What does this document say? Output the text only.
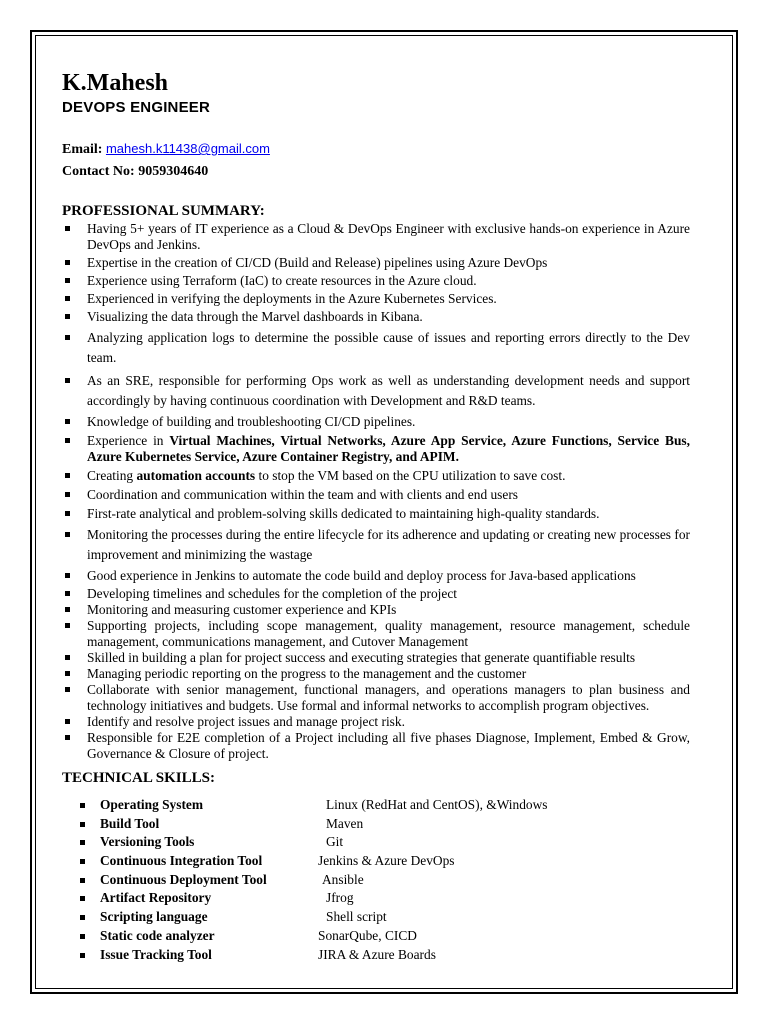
K.Mahesh
DEVOPS ENGINEER
Email: mahesh.k11438@gmail.com
Contact No: 9059304640
PROFESSIONAL SUMMARY:
Having 5+ years of IT experience as a Cloud & DevOps Engineer with exclusive hands-on experience in Azure DevOps and Jenkins.
Expertise in the creation of CI/CD (Build and Release) pipelines using Azure DevOps
Experience using Terraform (IaC) to create resources in the Azure cloud.
Experienced in verifying the deployments in the Azure Kubernetes Services.
Visualizing the data through the Marvel dashboards in Kibana.
Analyzing application logs to determine the possible cause of issues and reporting errors directly to the Dev team.
As an SRE, responsible for performing Ops work as well as understanding development needs and support accordingly by having continuous coordination with Development and R&D teams.
Knowledge of building and troubleshooting CI/CD pipelines.
Experience in Virtual Machines, Virtual Networks, Azure App Service, Azure Functions, Service Bus, Azure Kubernetes Service, Azure Container Registry, and APIM.
Creating automation accounts to stop the VM based on the CPU utilization to save cost.
Coordination and communication within the team and with clients and end users
First-rate analytical and problem-solving skills dedicated to maintaining high-quality standards.
Monitoring the processes during the entire lifecycle for its adherence and updating or creating new processes for improvement and minimizing the wastage
Good experience in Jenkins to automate the code build and deploy process for Java-based applications
Developing timelines and schedules for the completion of the project
Monitoring and measuring customer experience and KPIs
Supporting projects, including scope management, quality management, resource management, schedule management, communications management, and Cutover Management
Skilled in building a plan for project success and executing strategies that generate quantifiable results
Managing periodic reporting on the progress to the management and the customer
Collaborate with senior management, functional managers, and operations managers to plan business and technology initiatives and budgets. Use formal and informal networks to accomplish program objectives.
Identify and resolve project issues and manage project risk.
Responsible for E2E completion of a Project including all five phases Diagnose, Implement, Embed & Grow, Governance & Closure of project.
TECHNICAL SKILLS:
Operating System	Linux (RedHat and CentOS), &Windows
Build Tool	Maven
Versioning Tools	Git
Continuous Integration Tool	Jenkins & Azure DevOps
Continuous Deployment Tool	Ansible
Artifact Repository	Jfrog
Scripting language	Shell script
Static code analyzer	SonarQube, CICD
Issue Tracking Tool	JIRA & Azure Boards
